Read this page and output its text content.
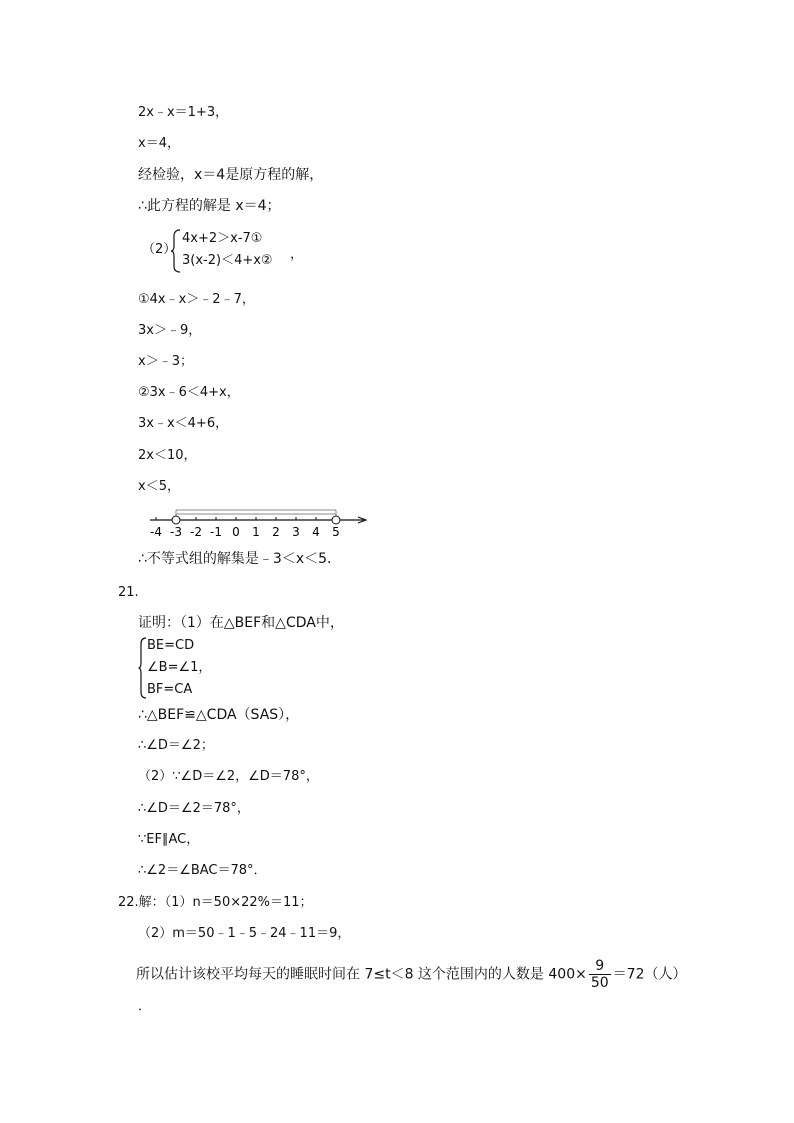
2x﹣x＝1+3，
x＝4，
经检验，x＝4是原方程的解，
∴此方程的解是 x＝4；
（2）
4x+2＞x-7①
3(x-2)＜4+x② ，
①4x﹣x＞﹣2﹣7，
3x＞﹣9，
x＞﹣3；
②3x﹣6＜4+x，
3x﹣x＜4+6，
2x＜10，
x＜5，
-4 -3 -2 -1 0 1 2 3 4 5
∴不等式组的解集是﹣3＜x＜5．
21.
证明：（1）在△BEF和△CDA中，
BE=CD
∠B=∠1，
BF=CA
∴△BEF≌△CDA（SAS），
∴∠D＝∠2；
（2）∵∠D＝∠2，∠D＝78°，
∴∠D＝∠2＝78°，
∵EF∥AC，
∴∠2＝∠BAC＝78°．
22.解：（1）n＝50×22%＝11；
（2）m＝50﹣1﹣5﹣24﹣11＝9，
所以估计该校平均每天的睡眠时间在 7≤t＜8 这个范围内的人数是 $400\times \frac{9}{50} =72$（人）
．
